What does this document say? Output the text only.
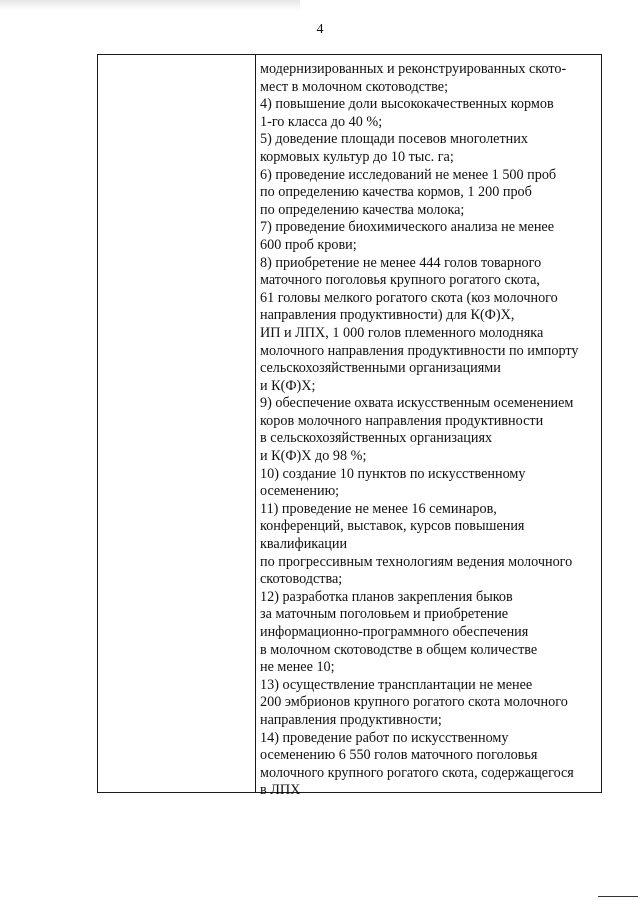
4
модернизированных и реконструированных ското-
мест в молочном скотоводстве;
4) повышение доли высококачественных кормов
1-го класса до 40 %;
5) доведение площади посевов многолетних
кормовых культур до 10 тыс. га;
6) проведение исследований не менее 1 500 проб
по определению качества кормов, 1 200 проб
по определению качества молока;
7) проведение биохимического анализа не менее
600 проб крови;
8) приобретение не менее 444 голов товарного
маточного поголовья крупного рогатого скота,
61 головы мелкого рогатого скота (коз молочного
направления продуктивности) для К(Ф)Х,
ИП и ЛПХ, 1 000 голов племенного молодняка
молочного направления продуктивности по импорту
сельскохозяйственными организациями
и К(Ф)Х;
9) обеспечение охвата искусственным осеменением
коров молочного направления продуктивности
в сельскохозяйственных организациях
и К(Ф)Х до 98 %;
10) создание 10 пунктов по искусственному
осеменению;
11) проведение не менее 16 семинаров,
конференций, выставок, курсов повышения
квалификации
по прогрессивным технологиям ведения молочного
скотоводства;
12) разработка планов закрепления быков
за маточным поголовьем и приобретение
информационно-программного обеспечения
в молочном скотоводстве в общем количестве
не менее 10;
13) осуществление трансплантации не менее
200 эмбрионов крупного рогатого скота молочного
направления продуктивности;
14) проведение работ по искусственному
осеменению 6 550 голов маточного поголовья
молочного крупного рогатого скота, содержащегося
в ЛПХ
